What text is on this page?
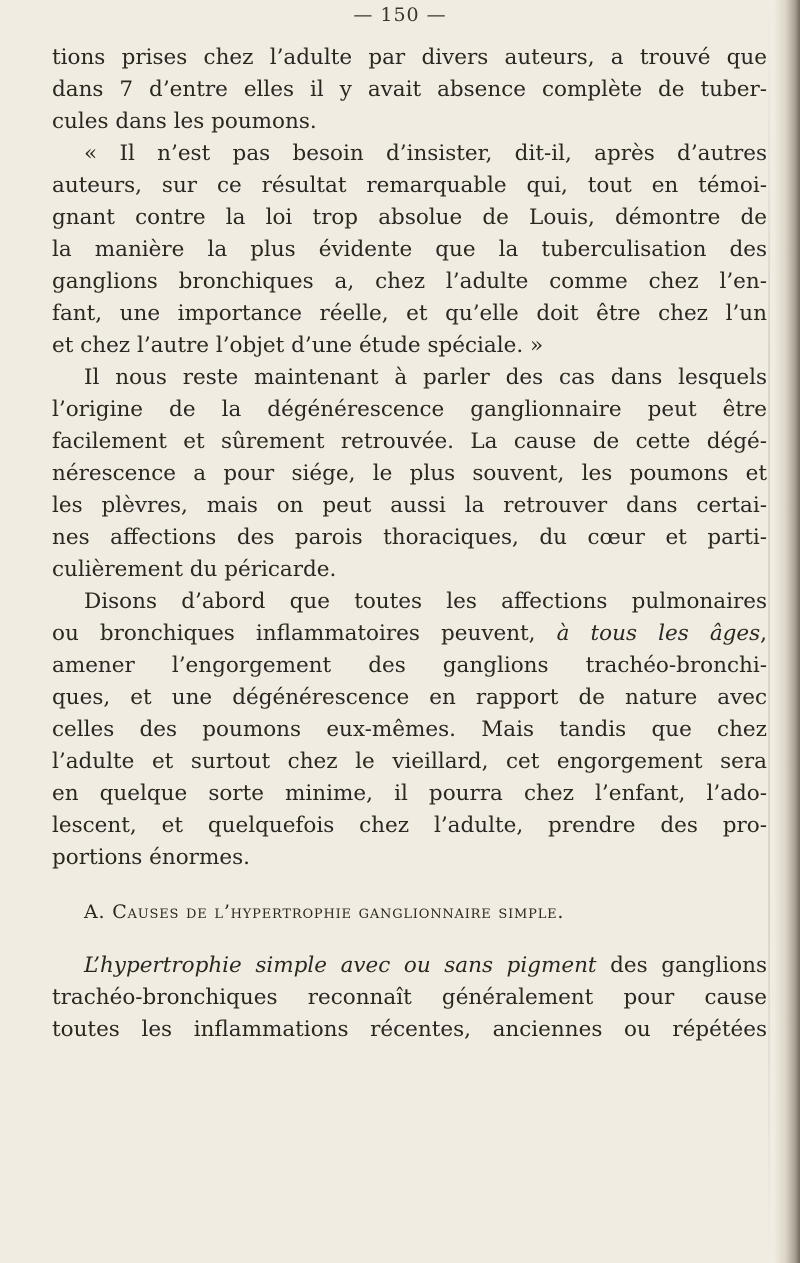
— 150 —
tions prises chez l’adulte par divers auteurs, a trouvé que
dans 7 d’entre elles il y avait absence complète de tuber-
cules dans les poumons.
« Il n’est pas besoin d’insister, dit-il, après d’autres
auteurs, sur ce résultat remarquable qui, tout en témoi-
gnant contre la loi trop absolue de Louis, démontre de
la manière la plus évidente que la tuberculisation des
ganglions bronchiques a, chez l’adulte comme chez l’en-
fant, une importance réelle, et qu’elle doit être chez l’un
et chez l’autre l’objet d’une étude spéciale. »
Il nous reste maintenant à parler des cas dans lesquels
l’origine de la dégénérescence ganglionnaire peut être
facilement et sûrement retrouvée. La cause de cette dégé-
nérescence a pour siége, le plus souvent, les poumons et
les plèvres, mais on peut aussi la retrouver dans certai-
nes affections des parois thoraciques, du cœur et parti-
culièrement du péricarde.
Disons d’abord que toutes les affections pulmonaires
ou bronchiques inflammatoires peuvent, à tous les âges,
amener l’engorgement des ganglions trachéo-bronchi-
ques, et une dégénérescence en rapport de nature avec
celles des poumons eux-mêmes. Mais tandis que chez
l’adulte et surtout chez le vieillard, cet engorgement sera
en quelque sorte minime, il pourra chez l’enfant, l’ado-
lescent, et quelquefois chez l’adulte, prendre des pro-
portions énormes.
A. Causes de l’hypertrophie ganglionnaire simple.
L’hypertrophie simple avec ou sans pigment des ganglions
trachéo-bronchiques reconnaît généralement pour cause
toutes les inflammations récentes, anciennes ou répétées
